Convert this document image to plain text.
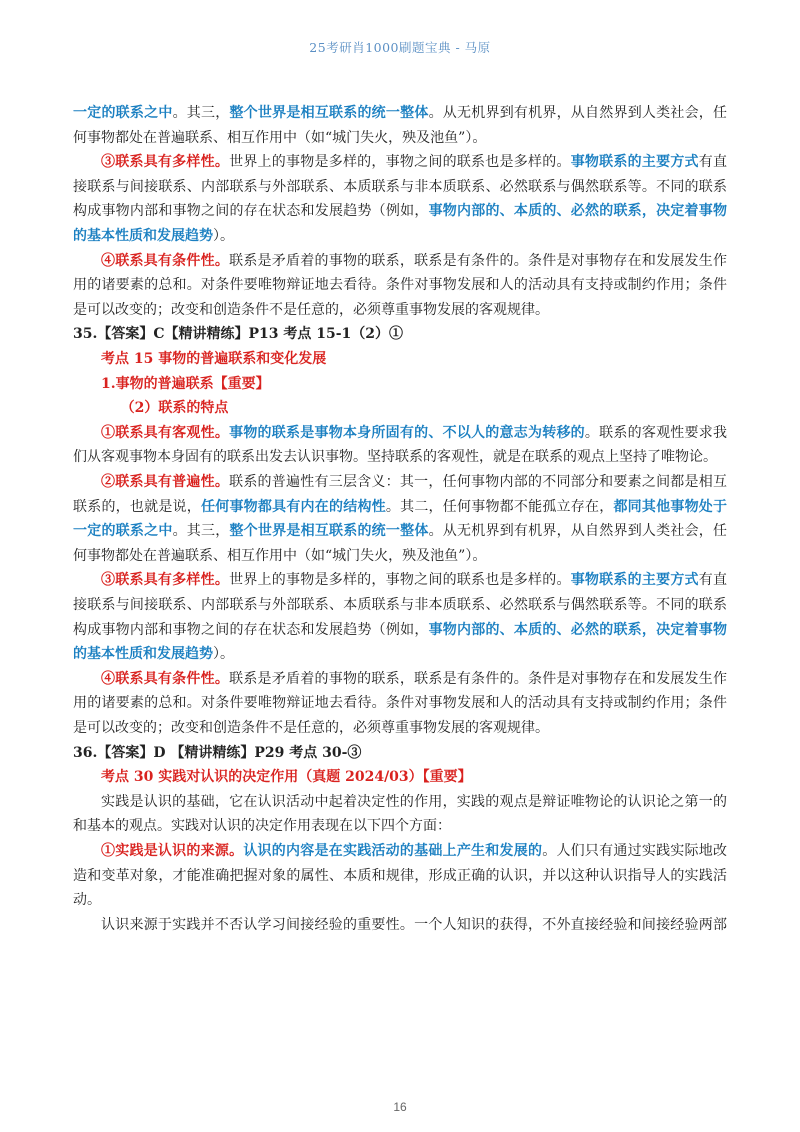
25考研肖1000刷题宝典 - 马原
一定的联系之中。其三，整个世界是相互联系的统一整体。从无机界到有机界，从自然界到人类社会，任
何事物都处在普遍联系、相互作用中（如“城门失火，殃及池鱼”）。
③联系具有多样性。世界上的事物是多样的，事物之间的联系也是多样的。事物联系的主要方式有直
接联系与间接联系、内部联系与外部联系、本质联系与非本质联系、必然联系与偶然联系等。不同的联系
构成事物内部和事物之间的存在状态和发展趋势（例如，事物内部的、本质的、必然的联系，决定着事物
的基本性质和发展趋势）。
④联系具有条件性。联系是矛盾着的事物的联系，联系是有条件的。条件是对事物存在和发展发生作
用的诸要素的总和。对条件要唯物辩证地去看待。条件对事物发展和人的活动具有支持或制约作用；条件
是可以改变的；改变和创造条件不是任意的，必须尊重事物发展的客观规律。
35.【答案】C【精讲精练】P13 考点 15-1（2）①
考点 15 事物的普遍联系和变化发展
1.事物的普遍联系【重要】
（2）联系的特点
①联系具有客观性。事物的联系是事物本身所固有的、不以人的意志为转移的。联系的客观性要求我
们从客观事物本身固有的联系出发去认识事物。坚持联系的客观性，就是在联系的观点上坚持了唯物论。
②联系具有普遍性。联系的普遍性有三层含义：其一，任何事物内部的不同部分和要素之间都是相互
联系的，也就是说，任何事物都具有内在的结构性。其二，任何事物都不能孤立存在，都同其他事物处于
一定的联系之中。其三，整个世界是相互联系的统一整体。从无机界到有机界，从自然界到人类社会，任
何事物都处在普遍联系、相互作用中（如“城门失火，殃及池鱼”）。
③联系具有多样性。世界上的事物是多样的，事物之间的联系也是多样的。事物联系的主要方式有直
接联系与间接联系、内部联系与外部联系、本质联系与非本质联系、必然联系与偶然联系等。不同的联系
构成事物内部和事物之间的存在状态和发展趋势（例如，事物内部的、本质的、必然的联系，决定着事物
的基本性质和发展趋势）。
④联系具有条件性。联系是矛盾着的事物的联系，联系是有条件的。条件是对事物存在和发展发生作
用的诸要素的总和。对条件要唯物辩证地去看待。条件对事物发展和人的活动具有支持或制约作用；条件
是可以改变的；改变和创造条件不是任意的，必须尊重事物发展的客观规律。
36.【答案】D 【精讲精练】P29 考点 30-③
考点 30 实践对认识的决定作用（真题 2024/03）【重要】
实践是认识的基础，它在认识活动中起着决定性的作用，实践的观点是辩证唯物论的认识论之第一的
和基本的观点。实践对认识的决定作用表现在以下四个方面：
①实践是认识的来源。认识的内容是在实践活动的基础上产生和发展的。人们只有通过实践实际地改
造和变革对象，才能准确把握对象的属性、本质和规律，形成正确的认识，并以这种认识指导人的实践活
动。
认识来源于实践并不否认学习间接经验的重要性。一个人知识的获得，不外直接经验和间接经验两部
16
